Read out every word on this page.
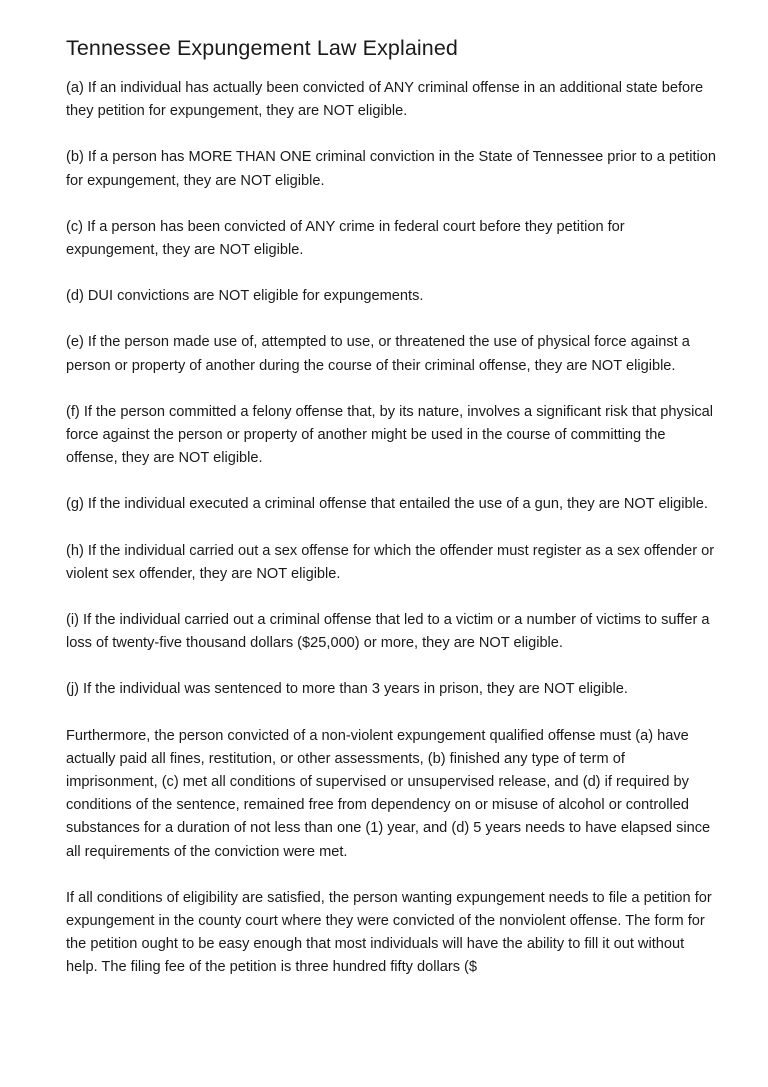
Tennessee Expungement Law Explained

(a) If an individual has actually been convicted of ANY criminal offense in an additional state before they petition for expungement, they are NOT eligible.

(b) If a person has MORE THAN ONE criminal conviction in the State of Tennessee prior to a petition for expungement, they are NOT eligible.

(c) If a person has been convicted of ANY crime in federal court before they petition for expungement, they are NOT eligible.

(d) DUI convictions are NOT eligible for expungements.

(e) If the person made use of, attempted to use, or threatened the use of physical force against a person or property of another during the course of their criminal offense, they are NOT eligible.

(f) If the person committed a felony offense that, by its nature, involves a significant risk that physical force against the person or property of another might be used in the course of committing the offense, they are NOT eligible.

(g) If the individual executed a criminal offense that entailed the use of a gun, they are NOT eligible.

(h) If the individual carried out a sex offense for which the offender must register as a sex offender or violent sex offender, they are NOT eligible.

(i) If the individual carried out a criminal offense that led to a victim or a number of victims to suffer a loss of twenty-five thousand dollars ($25,000) or more, they are NOT eligible.

(j) If the individual was sentenced to more than 3 years in prison, they are NOT eligible.

Furthermore, the person convicted of a non-violent expungement qualified offense must (a) have actually paid all fines, restitution, or other assessments, (b) finished any type of term of imprisonment, (c) met all conditions of supervised or unsupervised release, and (d) if required by conditions of the sentence, remained free from dependency on or misuse of alcohol or controlled substances for a duration of not less than one (1) year, and (d) 5 years needs to have elapsed since all requirements of the conviction were met.

If all conditions of eligibility are satisfied, the person wanting expungement needs to file a petition for expungement in the county court where they were convicted of the nonviolent offense. The form for the petition ought to be easy enough that most individuals will have the ability to fill it out without help. The filing fee of the petition is three hundred fifty dollars ($
